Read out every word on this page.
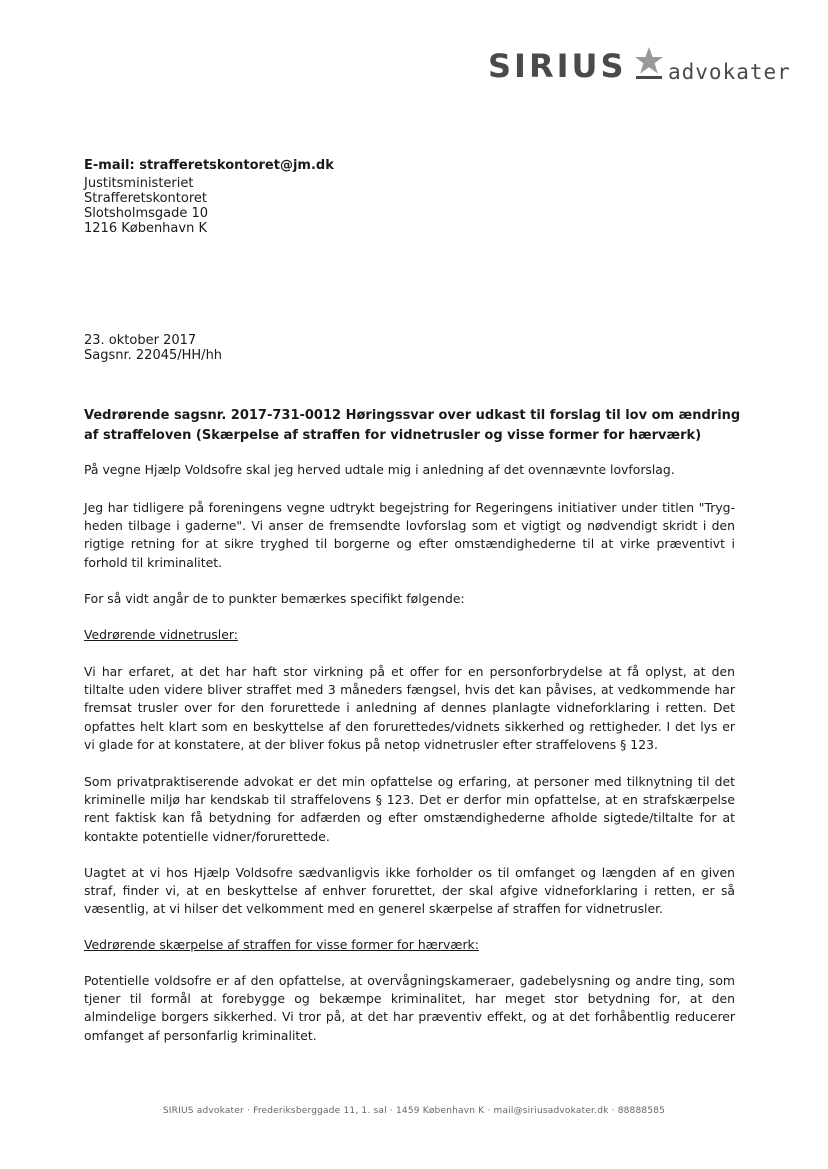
SIRIUS advokater
E-mail: strafferetskontoret@jm.dk
Justitsministeriet
Strafferetskontoret
Slotsholmsgade 10
1216 København K
23. oktober 2017
Sagsnr. 22045/HH/hh
Vedrørende sagsnr. 2017-731-0012 Høringssvar over udkast til forslag til lov om ændring af straffeloven (Skærpelse af straffen for vidnetrusler og visse former for hærværk)
På vegne Hjælp Voldsofre skal jeg herved udtale mig i anledning af det ovennævnte lovforslag.
Jeg har tidligere på foreningens vegne udtrykt begejstring for Regeringens initiativer under titlen "Tryg-heden tilbage i gaderne". Vi anser de fremsendte lovforslag som et vigtigt og nødvendigt skridt i den rigtige retning for at sikre tryghed til borgerne og efter omstændighederne til at virke præventivt i forhold til kriminalitet.
For så vidt angår de to punkter bemærkes specifikt følgende:
Vedrørende vidnetrusler:
Vi har erfaret, at det har haft stor virkning på et offer for en personforbrydelse at få oplyst, at den tiltalte uden videre bliver straffet med 3 måneders fængsel, hvis det kan påvises, at vedkommende har fremsat trusler over for den forurettede i anledning af dennes planlagte vidneforklaring i retten. Det opfattes helt klart som en beskyttelse af den forurettedes/vidnets sikkerhed og rettigheder. I det lys er vi glade for at konstatere, at der bliver fokus på netop vidnetrusler efter straffelovens § 123.
Som privatpraktiserende advokat er det min opfattelse og erfaring, at personer med tilknytning til det kriminelle miljø har kendskab til straffelovens § 123. Det er derfor min opfattelse, at en strafskærpelse rent faktisk kan få betydning for adfærden og efter omstændighederne afholde sigtede/tiltalte for at kontakte potentielle vidner/forurettede.
Uagtet at vi hos Hjælp Voldsofre sædvanligvis ikke forholder os til omfanget og længden af en given straf, finder vi, at en beskyttelse af enhver forurettet, der skal afgive vidneforklaring i retten, er så væsentlig, at vi hilser det velkomment med en generel skærpelse af straffen for vidnetrusler.
Vedrørende skærpelse af straffen for visse former for hærværk:
Potentielle voldsofre er af den opfattelse, at overvågningskameraer, gadebelysning og andre ting, som tjener til formål at forebygge og bekæmpe kriminalitet, har meget stor betydning for, at den almindelige borgers sikkerhed. Vi tror på, at det har præventiv effekt, og at det forhåbentlig reducerer omfanget af personfarlig kriminalitet.
SIRIUS advokater · Frederiksberggade 11, 1. sal · 1459 København K · mail@siriusadvokater.dk · 88888585
